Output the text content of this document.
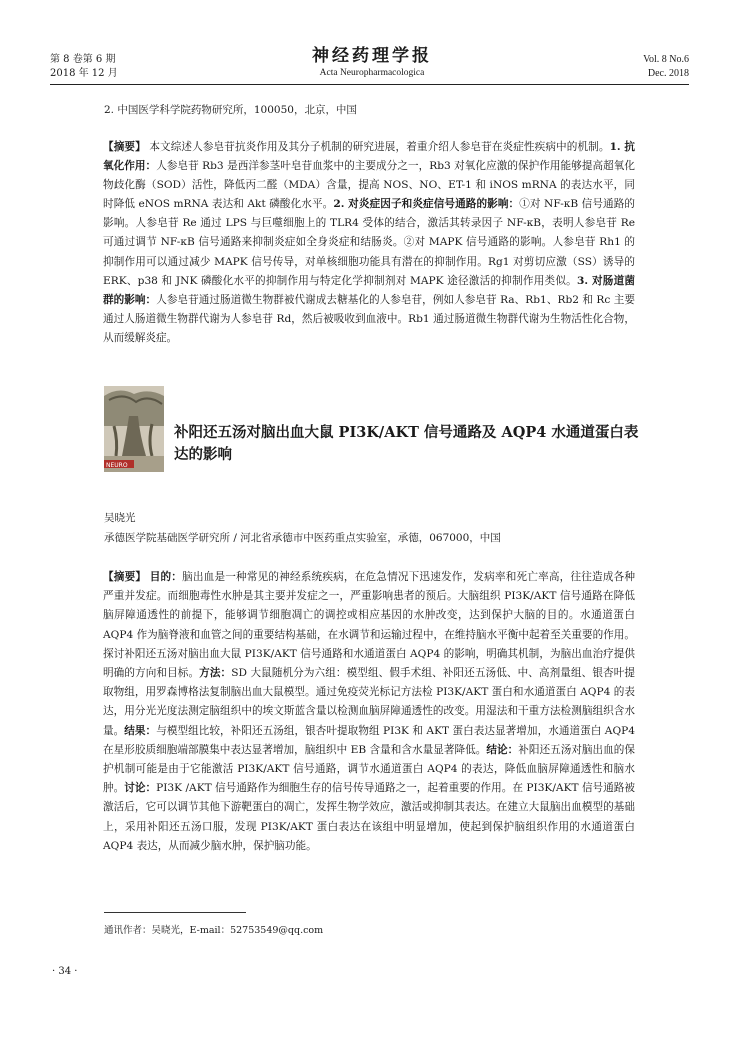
第 8 卷第 6 期
2018 年 12 月
神经药理学报
Acta Neuropharmacologica
Vol. 8 No.6
Dec. 2018
2. 中国医学科学院药物研究所，100050，北京，中国

【摘要】 本文综述人参皂苷抗炎作用及其分子机制的研究进展，着重介绍人参皂苷在炎症性疾病中的机制。1. 抗氧化作用：人参皂苷 Rb3 是西洋参茎叶皂苷血浆中的主要成分之一，Rb3 对氧化应激的保护作用能够提高超氧化物歧化酶（SOD）活性，降低丙二醛（MDA）含量，提高 NOS、NO、ET-1 和 iNOS mRNA 的表达水平，同时降低 eNOS mRNA 表达和 Akt 磷酸化水平。2. 对炎症因子和炎症信号通路的影响：①对 NF-κB 信号通路的影响。人参皂苷 Re 通过 LPS 与巨噬细胞上的 TLR4 受体的结合，激活其转录因子 NF-κB，表明人参皂苷 Re 可通过调节 NF-κB 信号通路来抑制炎症如全身炎症和结肠炎。②对 MAPK 信号通路的影响。人参皂苷 Rh1 的抑制作用可以通过减少 MAPK 信号传导，对单核细胞功能具有潜在的抑制作用。Rg1 对剪切应激（SS）诱导的 ERK、p38 和 JNK 磷酸化水平的抑制作用与特定化学抑制剂对 MAPK 途径激活的抑制作用类似。3. 对肠道菌群的影响：人参皂苷通过肠道微生物群被代谢成去糖基化的人参皂苷，例如人参皂苷 Ra、Rb1、Rb2 和 Rc 主要通过人肠道微生物群代谢为人参皂苷 Rd，然后被吸收到血液中。Rb1 通过肠道微生物群代谢为生物活性化合物，从而缓解炎症。

NEURO
补阳还五汤对脑出血大鼠 PI3K/AKT 信号通路及 AQP4 水通道蛋白表达的影响
吴晓光
承德医学院基础医学研究所 / 河北省承德市中医药重点实验室，承德，067000，中国

【摘要】 目的：脑出血是一种常见的神经系统疾病，在危急情况下迅速发作，发病率和死亡率高，往往造成各种严重并发症。而细胞毒性水肿是其主要并发症之一，严重影响患者的预后。大脑组织 PI3K/AKT 信号通路在降低脑屏障通透性的前提下，能够调节细胞凋亡的调控或相应基因的水肿改变，达到保护大脑的目的。水通道蛋白 AQP4 作为脑脊液和血管之间的重要结构基础，在水调节和运输过程中，在维持脑水平衡中起着至关重要的作用。探讨补阳还五汤对脑出血大鼠 PI3K/AKT 信号通路和水通道蛋白 AQP4 的影响，明确其机制，为脑出血治疗提供明确的方向和目标。方法：SD 大鼠随机分为六组：模型组、假手术组、补阳还五汤低、中、高剂量组、银杏叶提取物组，用罗森博格法复制脑出血大鼠模型。通过免疫荧光标记方法检 PI3K/AKT 蛋白和水通道蛋白 AQP4 的表达，用分光光度法测定脑组织中的埃文斯蓝含量以检测血脑屏障通透性的改变。用湿法和干重方法检测脑组织含水量。结果：与模型组比较，补阳还五汤组，银杏叶提取物组 PI3K 和 AKT 蛋白表达显著增加，水通道蛋白 AQP4 在星形胶质细胞端部膜集中表达显著增加，脑组织中 EB 含量和含水量显著降低。结论：补阳还五汤对脑出血的保护机制可能是由于它能激活 PI3K/AKT 信号通路，调节水通道蛋白 AQP4 的表达，降低血脑屏障通透性和脑水肿。讨论：PI3K /AKT 信号通路作为细胞生存的信号传导通路之一，起着重要的作用。在 PI3K/AKT 信号通路被激活后，它可以调节其他下游靶蛋白的凋亡，发挥生物学效应，激活或抑制其表达。在建立大鼠脑出血模型的基础上，采用补阳还五汤口服，发现 PI3K/AKT 蛋白表达在该组中明显增加，使起到保护脑组织作用的水通道蛋白 AQP4 表达，从而减少脑水肿，保护脑功能。

通讯作者：吴晓光，E-mail：52753549@qq.com
· 34 ·
